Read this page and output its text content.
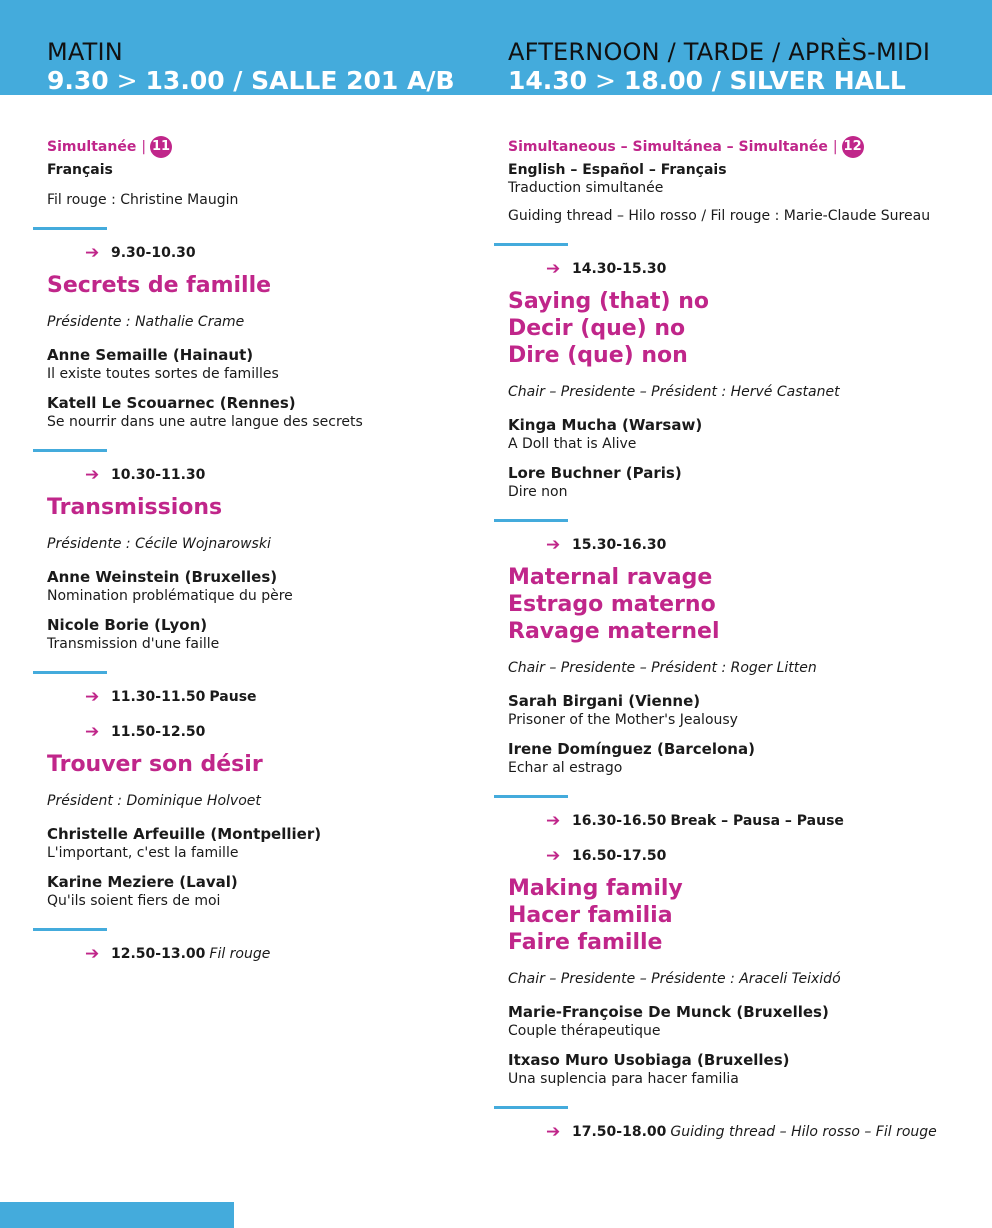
MATIN
9.30 > 13.00 / SALLE 201 A/B
AFTERNOON / TARDE / APRÈS-MIDI
14.30 > 18.00 / SILVER HALL
Simultanée | 11
Français
Fil rouge : Christine Maugin
➔ 9.30-10.30
Secrets de famille
Présidente : Nathalie Crame
Anne Semaille (Hainaut)
Il existe toutes sortes de familles
Katell Le Scouarnec (Rennes)
Se nourrir dans une autre langue des secrets
➔ 10.30-11.30
Transmissions
Présidente : Cécile Wojnarowski
Anne Weinstein (Bruxelles)
Nomination problématique du père
Nicole Borie (Lyon)
Transmission d'une faille
➔ 11.30-11.50 Pause
➔ 11.50-12.50
Trouver son désir
Président : Dominique Holvoet
Christelle Arfeuille (Montpellier)
L'important, c'est la famille
Karine Meziere (Laval)
Qu'ils soient fiers de moi
➔ 12.50-13.00 Fil rouge
Simultaneous – Simultánea – Simultanée | 12
English – Español – Français
Traduction simultanée
Guiding thread – Hilo rosso / Fil rouge : Marie-Claude Sureau
➔ 14.30-15.30
Saying (that) no
Decir (que) no
Dire (que) non
Chair – Presidente – Président : Hervé Castanet
Kinga Mucha (Warsaw)
A Doll that is Alive
Lore Buchner (Paris)
Dire non
➔ 15.30-16.30
Maternal ravage
Estrago materno
Ravage maternel
Chair – Presidente – Président : Roger Litten
Sarah Birgani (Vienne)
Prisoner of the Mother's Jealousy
Irene Domínguez (Barcelona)
Echar al estrago
➔ 16.30-16.50 Break – Pausa – Pause
➔ 16.50-17.50
Making family
Hacer familia
Faire famille
Chair – Presidente – Présidente : Araceli Teixidó
Marie-Françoise De Munck (Bruxelles)
Couple thérapeutique
Itxaso Muro Usobiaga (Bruxelles)
Una suplencia para hacer familia
➔ 17.50-18.00 Guiding thread – Hilo rosso – Fil rouge
